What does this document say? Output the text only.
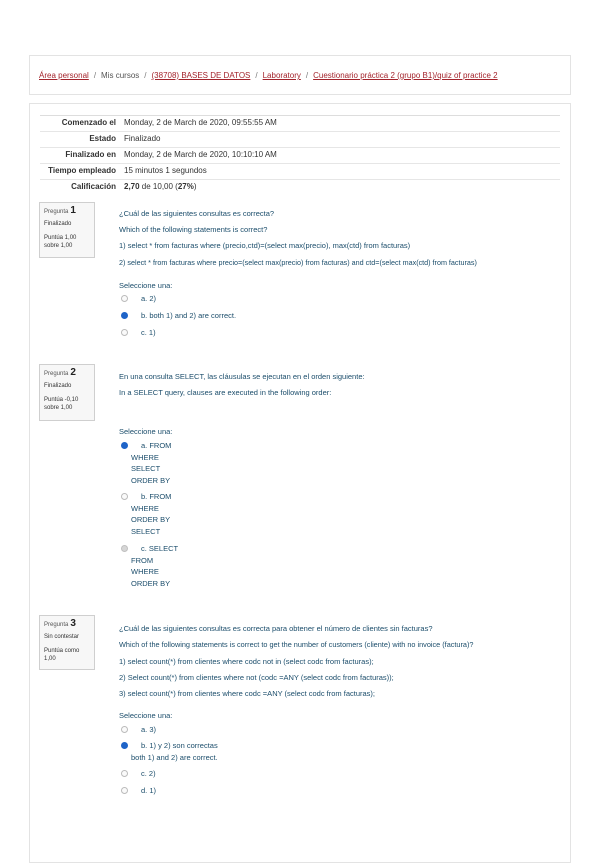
Área personal / Mis cursos / (38708) BASES DE DATOS / Laboratory / Cuestionario práctica 2 (grupo B1)/quiz of practice 2
Comenzado el	Monday, 2 de March de 2020, 09:55:55 AM
Estado	Finalizado
Finalizado en	Monday, 2 de March de 2020, 10:10:10 AM
Tiempo empleado	15 minutos 1 segundos
Calificación	2,70 de 10,00 (27%)
Pregunta 1
Finalizado
Puntúa 1,00 sobre 1,00
¿Cuál de las siguientes consultas es correcta?
Which of the following statements is correct?
1) select * from facturas where (precio,ctd)=(select max(precio), max(ctd) from facturas)
2) select * from facturas where precio=(select max(precio) from facturas) and ctd=(select max(ctd) from facturas)
Seleccione una:
a. 2)
b. both 1) and 2) are correct.
c. 1)
Pregunta 2
Finalizado
Puntúa -0,10 sobre 1,00
En una consulta SELECT, las cláusulas se ejecutan en el orden siguiente:
In a SELECT query, clauses are executed in the following order:
Seleccione una:
a. FROM
WHERE
SELECT
ORDER BY
b. FROM
WHERE
ORDER BY
SELECT
c. SELECT
FROM
WHERE
ORDER BY
Pregunta 3
Sin contestar
Puntúa como 1,00
¿Cuál de las siguientes consultas es correcta para obtener el número de clientes sin facturas?
Which of the following statements is correct to get the number of customers (cliente) with no invoice (factura)?
1) select count(*) from clientes where codc not in (select codc from facturas);
2) Select count(*) from clientes where not (codc =ANY (select codc from facturas));
3) select count(*) from clientes where codc =ANY (select codc from facturas);
Seleccione una:
a. 3)
b. 1) y 2) son correctas
both 1) and 2) are correct.
c. 2)
d. 1)
